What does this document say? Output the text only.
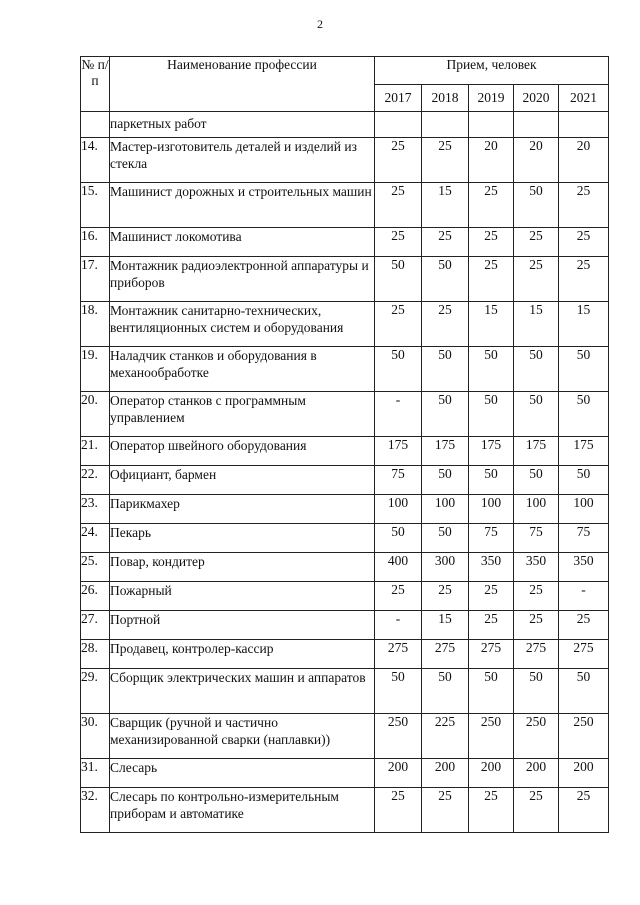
2
№ п/п	Наименование профессии	Прием, человек				
		2017	2018	2019	2020	2021
	паркетных работ					
14.	Мастер-изготовитель деталей и изделий из стекла	25	25	20	20	20
15.	Машинист дорожных и строительных машин	25	15	25	50	25
16.	Машинист локомотива	25	25	25	25	25
17.	Монтажник радиоэлектронной аппаратуры и приборов	50	50	25	25	25
18.	Монтажник санитарно-технических, вентиляционных систем и оборудования	25	25	15	15	15
19.	Наладчик станков и оборудования в механообработке	50	50	50	50	50
20.	Оператор станков с программным управлением	-	50	50	50	50
21.	Оператор швейного оборудования	175	175	175	175	175
22.	Официант, бармен	75	50	50	50	50
23.	Парикмахер	100	100	100	100	100
24.	Пекарь	50	50	75	75	75
25.	Повар, кондитер	400	300	350	350	350
26.	Пожарный	25	25	25	25	-
27.	Портной	-	15	25	25	25
28.	Продавец, контролер-кассир	275	275	275	275	275
29.	Сборщик электрических машин и аппаратов	50	50	50	50	50
30.	Сварщик (ручной и частично механизированной сварки (наплавки))	250	225	250	250	250
31.	Слесарь	200	200	200	200	200
32.	Слесарь по контрольно-измерительным приборам и автоматике	25	25	25	25	25
